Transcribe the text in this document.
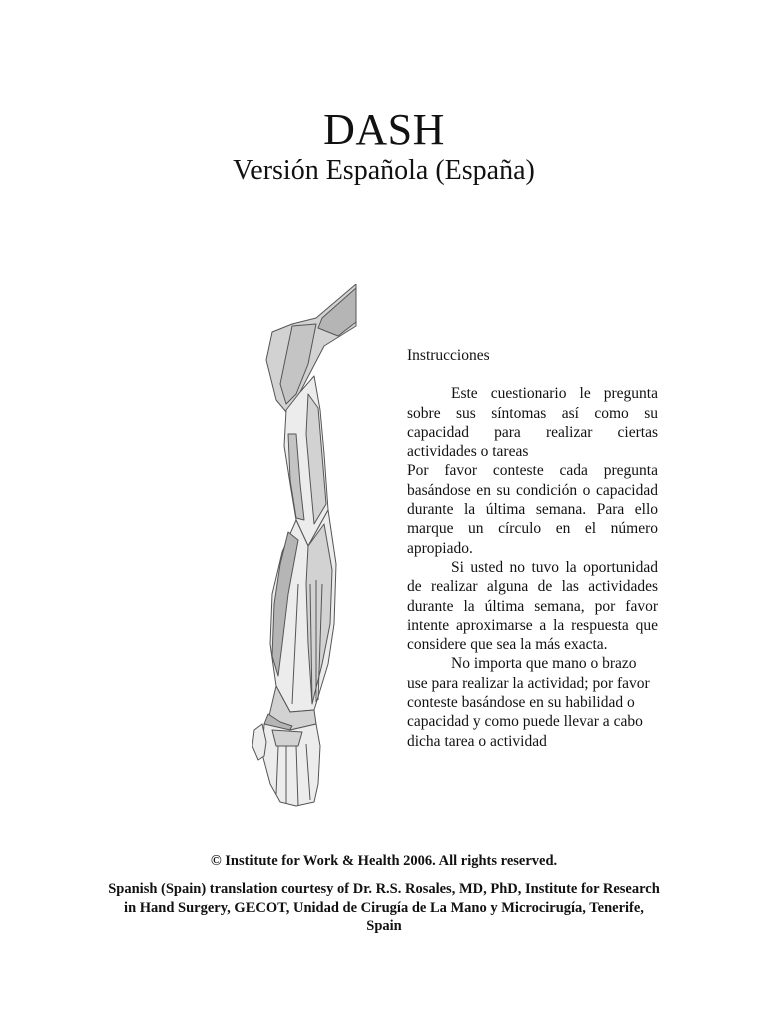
DASH
Versión Española (España)
Instrucciones

Este cuestionario le pregunta sobre sus síntomas así como su capacidad para realizar ciertas actividades o tareas

Por favor conteste cada pregunta basándose en su condición o capacidad durante la última semana. Para ello marque un círculo en el número apropiado.

Si usted no tuvo la oportunidad de realizar alguna de las actividades durante la última semana, por favor intente aproximarse a la respuesta que considere que sea la más exacta.

No importa que mano o brazo use para realizar la actividad; por favor conteste basándose en su habilidad o capacidad y como puede llevar a cabo dicha tarea o actividad

© Institute for Work & Health 2006. All rights reserved.
Spanish (Spain) translation courtesy of Dr. R.S. Rosales, MD, PhD, Institute for Research in Hand Surgery, GECOT, Unidad de Cirugía de La Mano y Microcirugía, Tenerife, Spain
